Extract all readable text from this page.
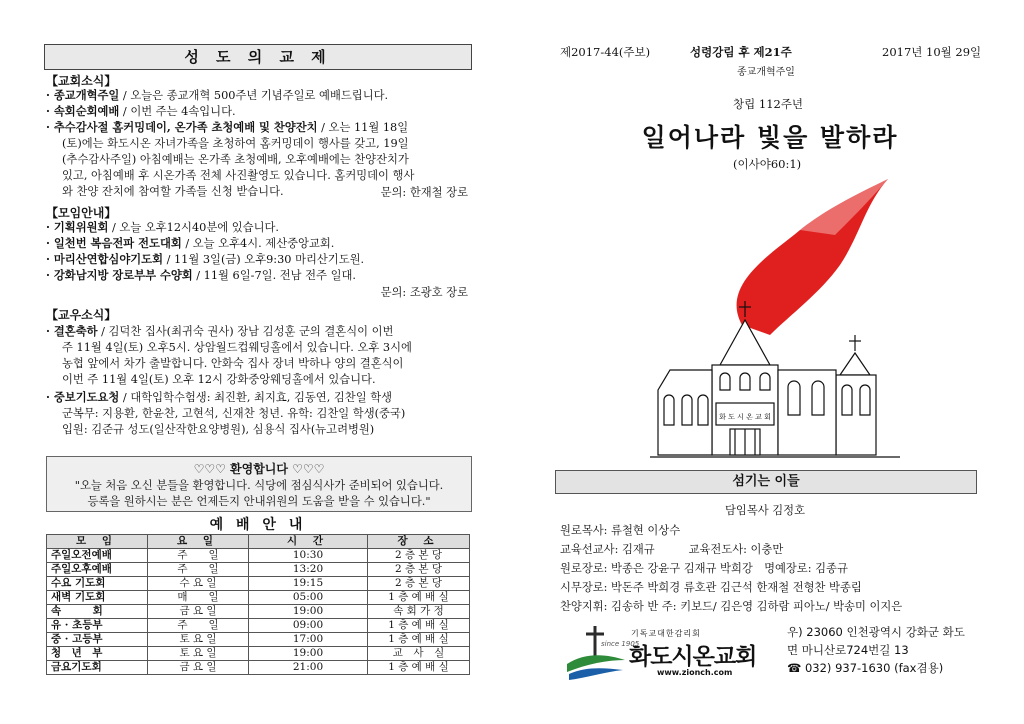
성 도 의 교 제
【교회소식】
· 종교개혁주일 / 오늘은 종교개혁 500주년 기념주일로 예배드립니다.
· 속회순회예배 / 이번 주는 4속입니다.
· 추수감사절 홈커밍데이, 온가족 초청예배 및 찬양잔치 / 오는 11월 18일
(토)에는 화도시온 자녀가족을 초청하여 홈커밍데이 행사를 갖고, 19일
(추수감사주일) 아침예배는 온가족 초청예배, 오후예배에는 찬양잔치가
있고, 아침예배 후 시온가족 전체 사진촬영도 있습니다. 홈커밍데이 행사
와 찬양 잔치에 참여할 가족들 신청 받습니다.	문의: 한재철 장로
【모임안내】
· 기획위원회 / 오늘 오후12시40분에 있습니다.
· 일천번 복음전파 전도대회 / 오늘 오후4시. 제산중앙교회.
· 마리산연합심야기도회 / 11월 3일(금) 오후9:30 마리산기도원.
· 강화남지방 장로부부 수양회 / 11월 6일-7일. 전남 전주 일대.
문의: 조광호 장로
【교우소식】
· 결혼축하 / 김덕찬 집사(최귀숙 권사) 장남 김성훈 군의 결혼식이 이번
주 11월 4일(토) 오후5시. 상암월드컵웨딩홀에서 있습니다. 오후 3시에
농협 앞에서 차가 출발합니다. 안화숙 집사 장녀 박하나 양의 결혼식이
이번 주 11월 4일(토) 오후 12시 강화중앙웨딩홀에서 있습니다.
· 중보기도요청 / 대학입학수험생: 최진환, 최지효, 김동연, 김찬일 학생
군복무: 지용환, 한윤찬, 고현석, 신재찬 청년. 유학: 김찬일 학생(중국)
입원: 김준규 성도(일산작한요양병원), 심용식 집사(뉴고려병원)
♡♡♡ 환영합니다 ♡♡♡
"오늘 처음 오신 분들을 환영합니다. 식당에 점심식사가 준비되어 있습니다.
등록을 원하시는 분은 언제든지 안내위원의 도움을 받을 수 있습니다."
예 배 안 내
모 임	요 일	시 간	장 소
주일오전예배	주　　일	10:30	2 층 본 당
주일오후예배	주　　일	13:20	2 층 본 당
수요 기도회	수 요 일	19:15	2 층 본 당
새벽 기도회	매　　일	05:00	1 층 예 배 실
속　　　회	금 요 일	19:00	속 회 가 정
유 · 초등부	주　　일	09:00	1 층 예 배 실
중 · 고등부	토 요 일	17:00	1 층 예 배 실
청　년　부	토 요 일	19:00	교　사　실
금요기도회	금 요 일	21:00	1 층 예 배 실
제2017-44(주보)	성령강림 후 제21주	2017년 10월 29일
종교개혁주일
창립 112주년
일어나라 빛을 발하라
(이사야60:1)
화 도 시 온 교 회
섬기는 이들
담임목사 김정호
원로목사: 류철현 이상수
교육선교사: 김재규　　　교육전도사: 이충만
원로장로: 박종은 강윤구 김재규 박희강　명예장로: 김종규
시무장로: 박돈주 박희경 류호관 김근석 한재철 전형찬 박종림
찬양지휘: 김송하 반 주: 키보드/ 김은영 김하람 피아노/ 박송미 이지은
since 1905
기독교대한감리회
화도시온교회
www.zionch.com
우) 23060 인천광역시 강화군 화도
면 마니산로724번길 13
☎ 032) 937-1630 (fax겸용)
